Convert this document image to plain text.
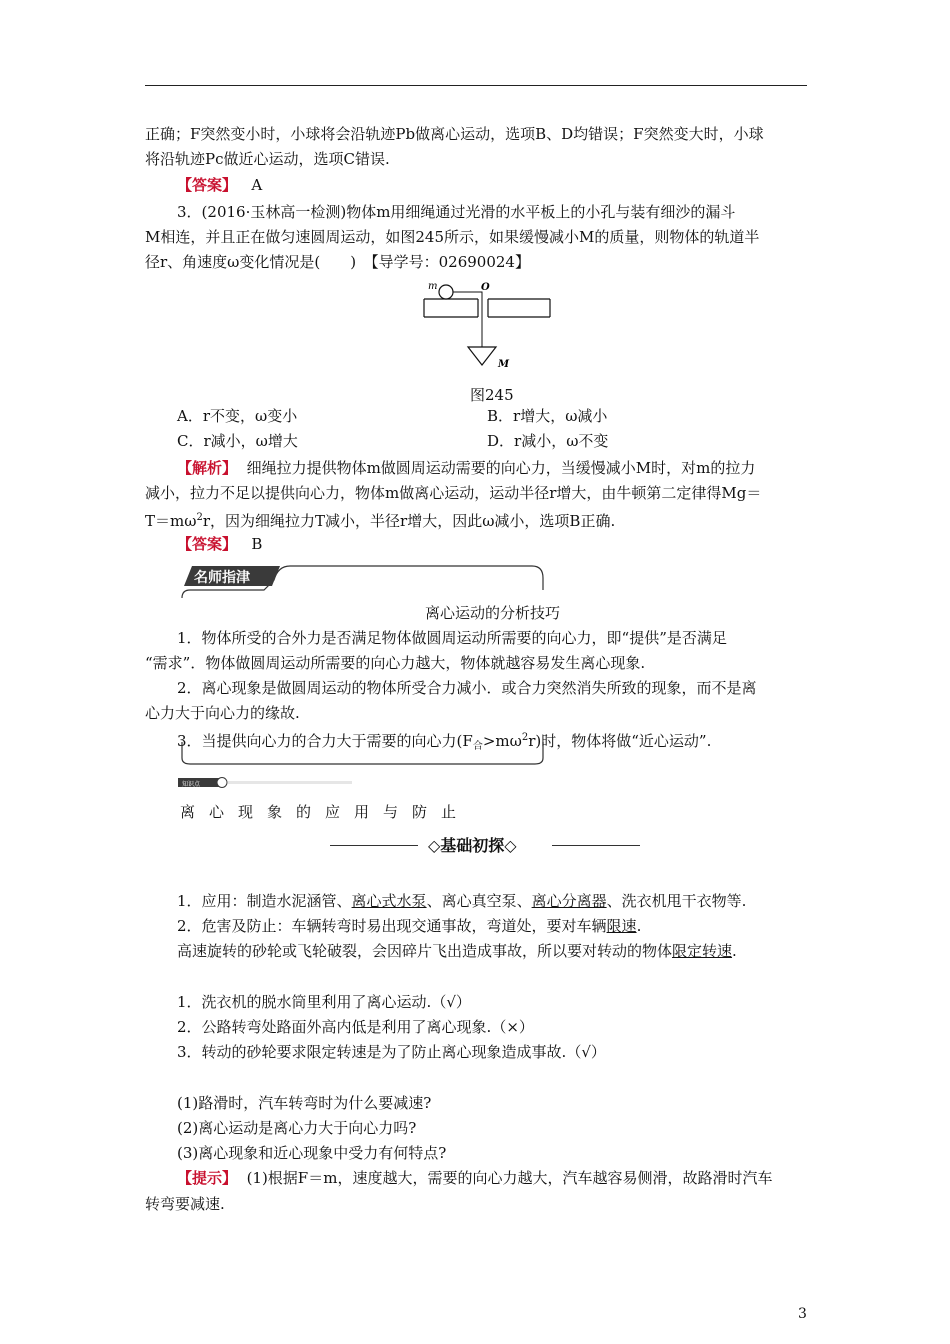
正确；F突然变小时，小球将会沿轨迹Pb做离心运动，选项B、D均错误；F突然变大时，小球
将沿轨迹Pc做近心运动，选项C错误.
【答案】 A
3．(2016·玉林高一检测)物体m用细绳通过光滑的水平板上的小孔与装有细沙的漏斗
M相连，并且正在做匀速圆周运动，如图245所示，如果缓慢减小M的质量，则物体的轨道半
径r、角速度ω变化情况是(　　)　【导学号：02690024】
m	O
M
图245
A．r不变，ω变小	B．r增大，ω减小
C．r减小，ω增大	D．r减小，ω不变
【解析】 细绳拉力提供物体m做圆周运动需要的向心力，当缓慢减小M时，对m的拉力
减小，拉力不足以提供向心力，物体m做离心运动，运动半径r增大，由牛顿第二定律得Mg＝
$T=m\omega^2r$，因为细绳拉力T减小，半径r增大，因此ω减小，选项B正确.
【答案】 B
名师指津
离心运动的分析技巧
1．物体所受的合外力是否满足物体做圆周运动所需要的向心力，即“提供”是否满足
“需求”．物体做圆周运动所需要的向心力越大，物体就越容易发生离心现象.
2．离心现象是做圆周运动的物体所受合力减小．或合力突然消失所致的现象，而不是离
心力大于向心力的缘故.
3．当提供向心力的合力大于需要的向心力$(F_合>m\omega^2r)$时，物体将做“近心运动”.
知识点
离心现象的应用与防止
◇基础初探◇
1．应用：制造水泥涵管、离心式水泵、离心真空泵、离心分离器、洗衣机甩干衣物等.
2．危害及防止：车辆转弯时易出现交通事故，弯道处，要对车辆限速.
高速旋转的砂轮或飞轮破裂，会因碎片飞出造成事故，所以要对转动的物体限定转速.
1．洗衣机的脱水筒里利用了离心运动.（√）
2．公路转弯处路面外高内低是利用了离心现象.（×）
3．转动的砂轮要求限定转速是为了防止离心现象造成事故.（√）
(1)路滑时，汽车转弯时为什么要减速?
(2)离心运动是离心力大于向心力吗?
(3)离心现象和近心现象中受力有何特点?
【提示】 (1)根据F＝m，速度越大，需要的向心力越大，汽车越容易侧滑，故路滑时汽车
转弯要减速.
3
